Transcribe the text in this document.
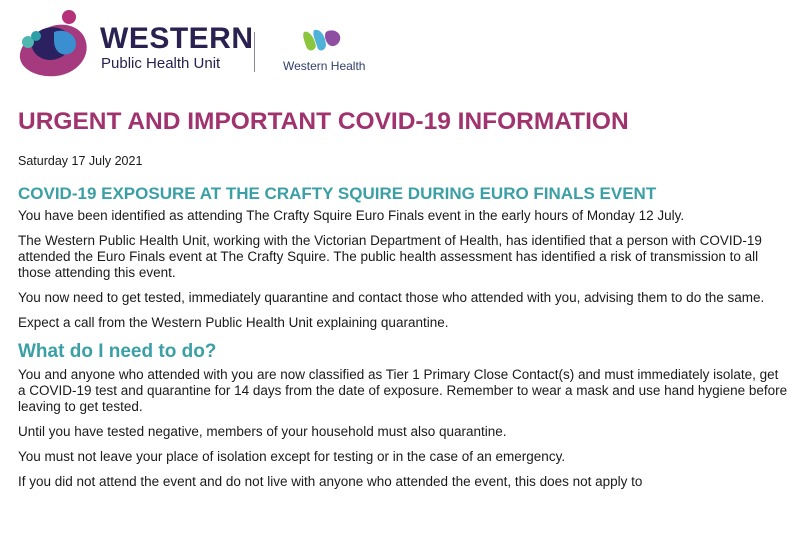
WESTERN
Public Health Unit	Western Health
URGENT AND IMPORTANT COVID-19 INFORMATION

Saturday 17 July 2021

COVID-19 EXPOSURE AT THE CRAFTY SQUIRE DURING EURO FINALS EVENT

You have been identified as attending The Crafty Squire Euro Finals event in the early hours of Monday 12 July.

The Western Public Health Unit, working with the Victorian Department of Health, has identified that a person with COVID-19 attended the Euro Finals event at The Crafty Squire. The public health assessment has identified a risk of transmission to all those attending this event.

You now need to get tested, immediately quarantine and contact those who attended with you, advising them to do the same.

Expect a call from the Western Public Health Unit explaining quarantine.

What do I need to do?

You and anyone who attended with you are now classified as Tier 1 Primary Close Contact(s) and must immediately isolate, get a COVID-19 test and quarantine for 14 days from the date of exposure. Remember to wear a mask and use hand hygiene before leaving to get tested.

Until you have tested negative, members of your household must also quarantine.

You must not leave your place of isolation except for testing or in the case of an emergency.

If you did not attend the event and do not live with anyone who attended the event, this does not apply to
